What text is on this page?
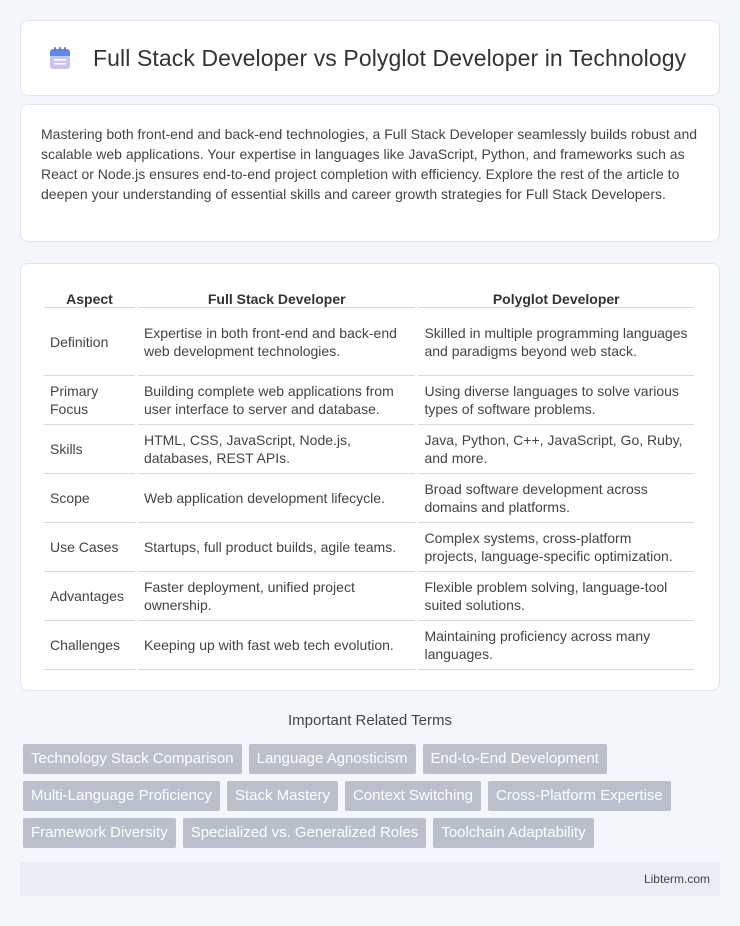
Full Stack Developer vs Polyglot Developer in Technology

Mastering both front-end and back-end technologies, a Full Stack Developer seamlessly builds robust and scalable web applications. Your expertise in languages like JavaScript, Python, and frameworks such as React or Node.js ensures end-to-end project completion with efficiency. Explore the rest of the article to deepen your understanding of essential skills and career growth strategies for Full Stack Developers.

Aspect	Full Stack Developer	Polyglot Developer
Definition	Expertise in both front-end and back-end web development technologies.	Skilled in multiple programming languages and paradigms beyond web stack.
Primary Focus	Building complete web applications from user interface to server and database.	Using diverse languages to solve various types of software problems.
Skills	HTML, CSS, JavaScript, Node.js, databases, REST APIs.	Java, Python, C++, JavaScript, Go, Ruby, and more.
Scope	Web application development lifecycle.	Broad software development across domains and platforms.
Use Cases	Startups, full product builds, agile teams.	Complex systems, cross-platform projects, language-specific optimization.
Advantages	Faster deployment, unified project ownership.	Flexible problem solving, language-tool suited solutions.
Challenges	Keeping up with fast web tech evolution.	Maintaining proficiency across many languages.
Important Related Terms
Technology Stack Comparison	Language Agnosticism	End-to-End Development
Multi-Language Proficiency	Stack Mastery	Context Switching	Cross-Platform Expertise
Framework Diversity	Specialized vs. Generalized Roles	Toolchain Adaptability
Libterm.com
